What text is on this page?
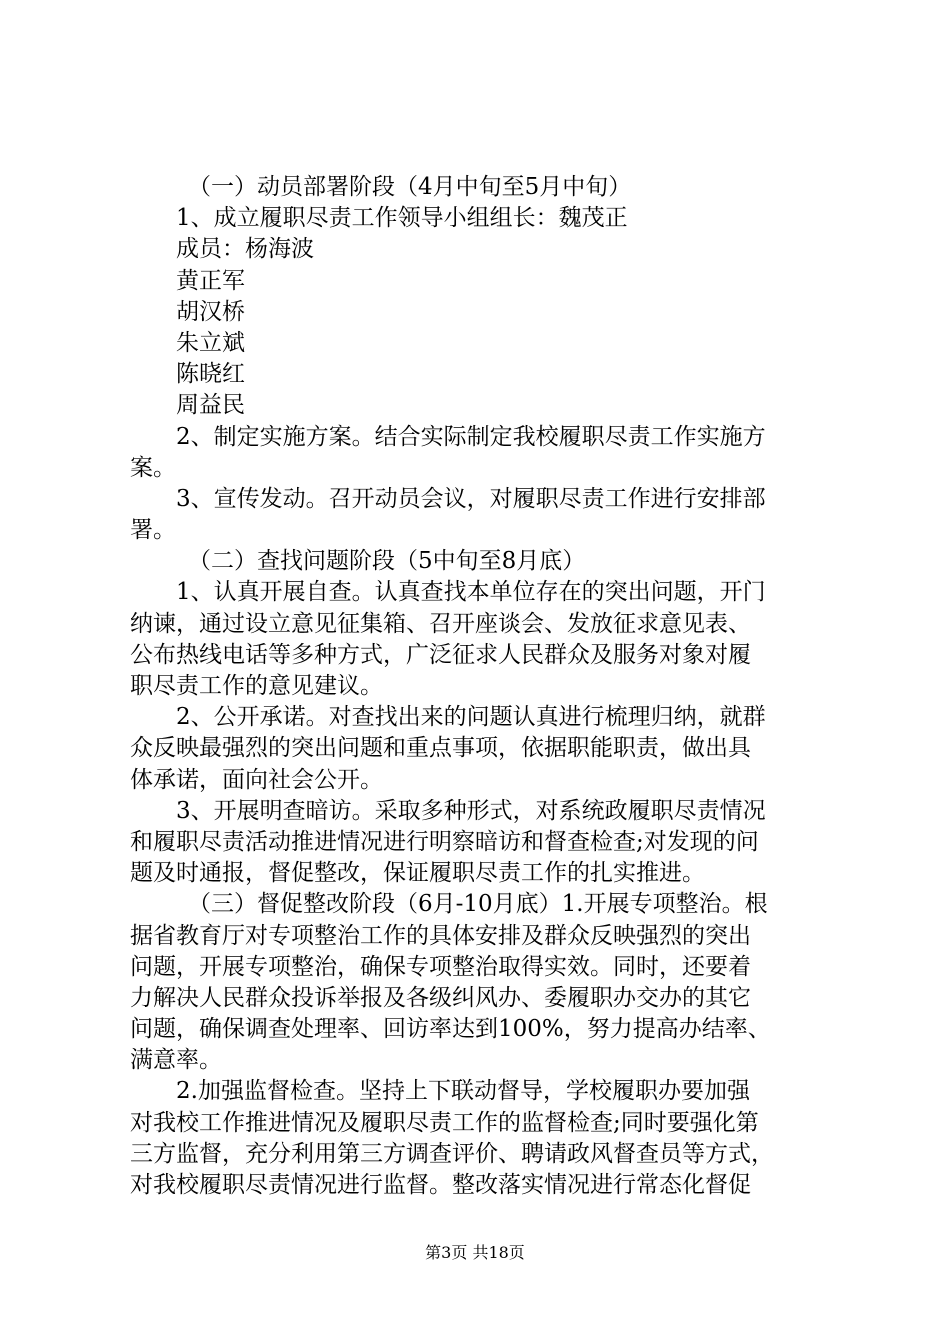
（一）动员部署阶段（4月中旬至5月中旬）
1、成立履职尽责工作领导小组组长：魏茂正
成员：杨海波
黄正军
胡汉桥
朱立斌
陈晓红
周益民
2、制定实施方案。结合实际制定我校履职尽责工作实施方
案。
3、宣传发动。召开动员会议，对履职尽责工作进行安排部
署。
（二）查找问题阶段（5中旬至8月底）
1、认真开展自查。认真查找本单位存在的突出问题，开门
纳谏，通过设立意见征集箱、召开座谈会、发放征求意见表、
公布热线电话等多种方式，广泛征求人民群众及服务对象对履
职尽责工作的意见建议。
2、公开承诺。对查找出来的问题认真进行梳理归纳，就群
众反映最强烈的突出问题和重点事项，依据职能职责，做出具
体承诺，面向社会公开。
3、开展明查暗访。采取多种形式，对系统政履职尽责情况
和履职尽责活动推进情况进行明察暗访和督查检查;对发现的问
题及时通报，督促整改，保证履职尽责工作的扎实推进。
（三）督促整改阶段（6月-10月底）1.开展专项整治。根
据省教育厅对专项整治工作的具体安排及群众反映强烈的突出
问题，开展专项整治，确保专项整治取得实效。同时，还要着
力解决人民群众投诉举报及各级纠风办、委履职办交办的其它
问题，确保调查处理率、回访率达到100%，努力提高办结率、
满意率。
2.加强监督检查。坚持上下联动督导，学校履职办要加强
对我校工作推进情况及履职尽责工作的监督检查;同时要强化第
三方监督，充分利用第三方调查评价、聘请政风督查员等方式，
对我校履职尽责情况进行监督。整改落实情况进行常态化督促
第3页 共18页
